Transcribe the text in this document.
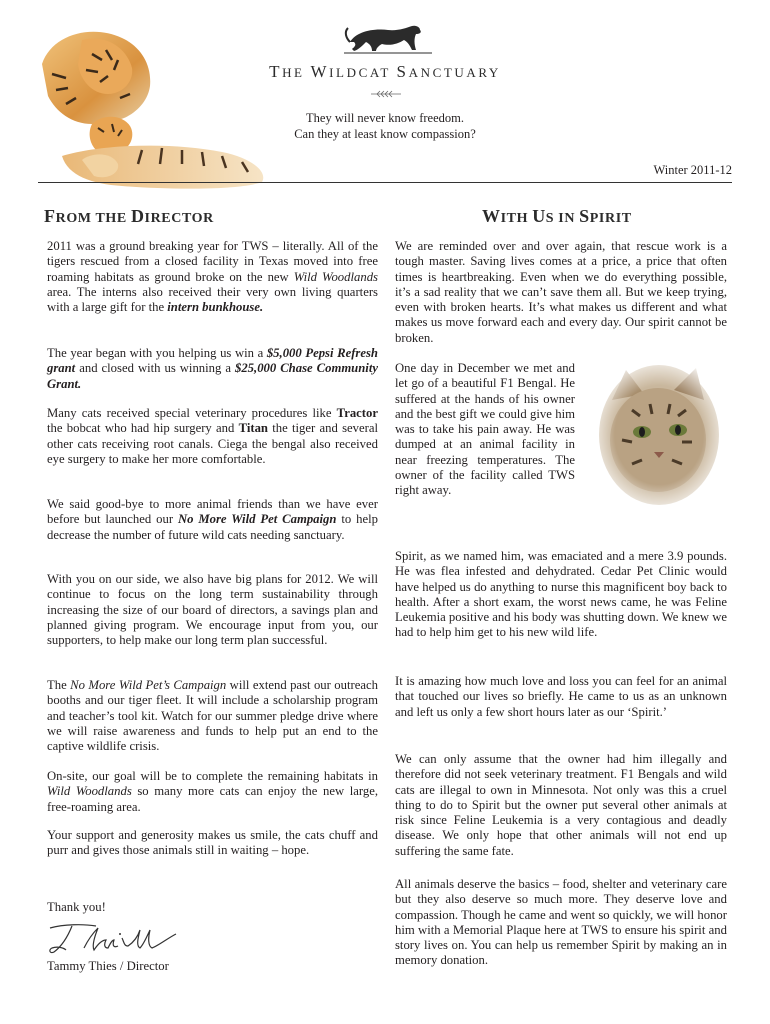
THE WILDCAT SANCTUARY
They will never know freedom.
Can they at least know compassion?
Winter 2011-12
FROM THE DIRECTOR	WITH US IN SPIRIT

2011 was a ground breaking year for TWS – literally. All of the tigers rescued from a closed facility in Texas moved into free roaming habitats as ground broke on the new Wild Woodlands area. The interns also received their very own living quarters with a large gift for the intern bunkhouse.

The year began with you helping us win a $5,000 Pepsi Refresh grant and closed with us winning a $25,000 Chase Community Grant.

Many cats received special veterinary procedures like Tractor the bobcat who had hip surgery and Titan the tiger and several other cats receiving root canals. Ciega the bengal also received eye surgery to make her more comfortable.

We said good-bye to more animal friends than we have ever before but launched our No More Wild Pet Campaign to help decrease the number of future wild cats needing sanctuary.

With you on our side, we also have big plans for 2012. We will continue to focus on the long term sustainability through increasing the size of our board of directors, a savings plan and planned giving program. We encourage input from you, our supporters, to help make our long term plan successful.

The No More Wild Pet’s Campaign will extend past our outreach booths and our tiger fleet. It will include a scholarship program and teacher’s tool kit. Watch for our summer pledge drive where we will raise awareness and funds to help put an end to the captive wildlife crisis.

On-site, our goal will be to complete the remaining habitats in Wild Woodlands so many more cats can enjoy the new large, free-roaming area.

Your support and generosity makes us smile, the cats chuff and purr and gives those animals still in waiting – hope.

Thank you!
Tammy Thies / Director

We are reminded over and over again, that rescue work is a tough master. Saving lives comes at a price, a price that often times is heartbreaking. Even when we do everything possible, it’s a sad reality that we can’t save them all. But we keep trying, even with broken hearts. It’s what makes us different and what makes us move forward each and every day. Our spirit cannot be broken.

One day in December we met and let go of a beautiful F1 Bengal. He suffered at the hands of his owner and the best gift we could give him was to take his pain away. He was dumped at an animal facility in near freezing temperatures. The owner of the facility called TWS right away.

Spirit, as we named him, was emaciated and a mere 3.9 pounds. He was flea infested and dehydrated. Cedar Pet Clinic would have helped us do anything to nurse this magnificent boy back to health. After a short exam, the worst news came, he was Feline Leukemia positive and his body was shutting down. We knew we had to help him get to his new wild life.

It is amazing how much love and loss you can feel for an animal that touched our lives so briefly. He came to us as an unknown and left us only a few short hours later as our ‘Spirit.’

We can only assume that the owner had him illegally and therefore did not seek veterinary treatment. F1 Bengals and wild cats are illegal to own in Minnesota. Not only was this a cruel thing to do to Spirit but the owner put several other animals at risk since Feline Leukemia is a very contagious and deadly disease. We only hope that other animals will not end up suffering the same fate.

All animals deserve the basics – food, shelter and veterinary care but they also deserve so much more. They deserve love and compassion. Though he came and went so quickly, we will honor him with a Memorial Plaque here at TWS to ensure his spirit and story lives on. You can help us remember Spirit by making an in memory donation.
